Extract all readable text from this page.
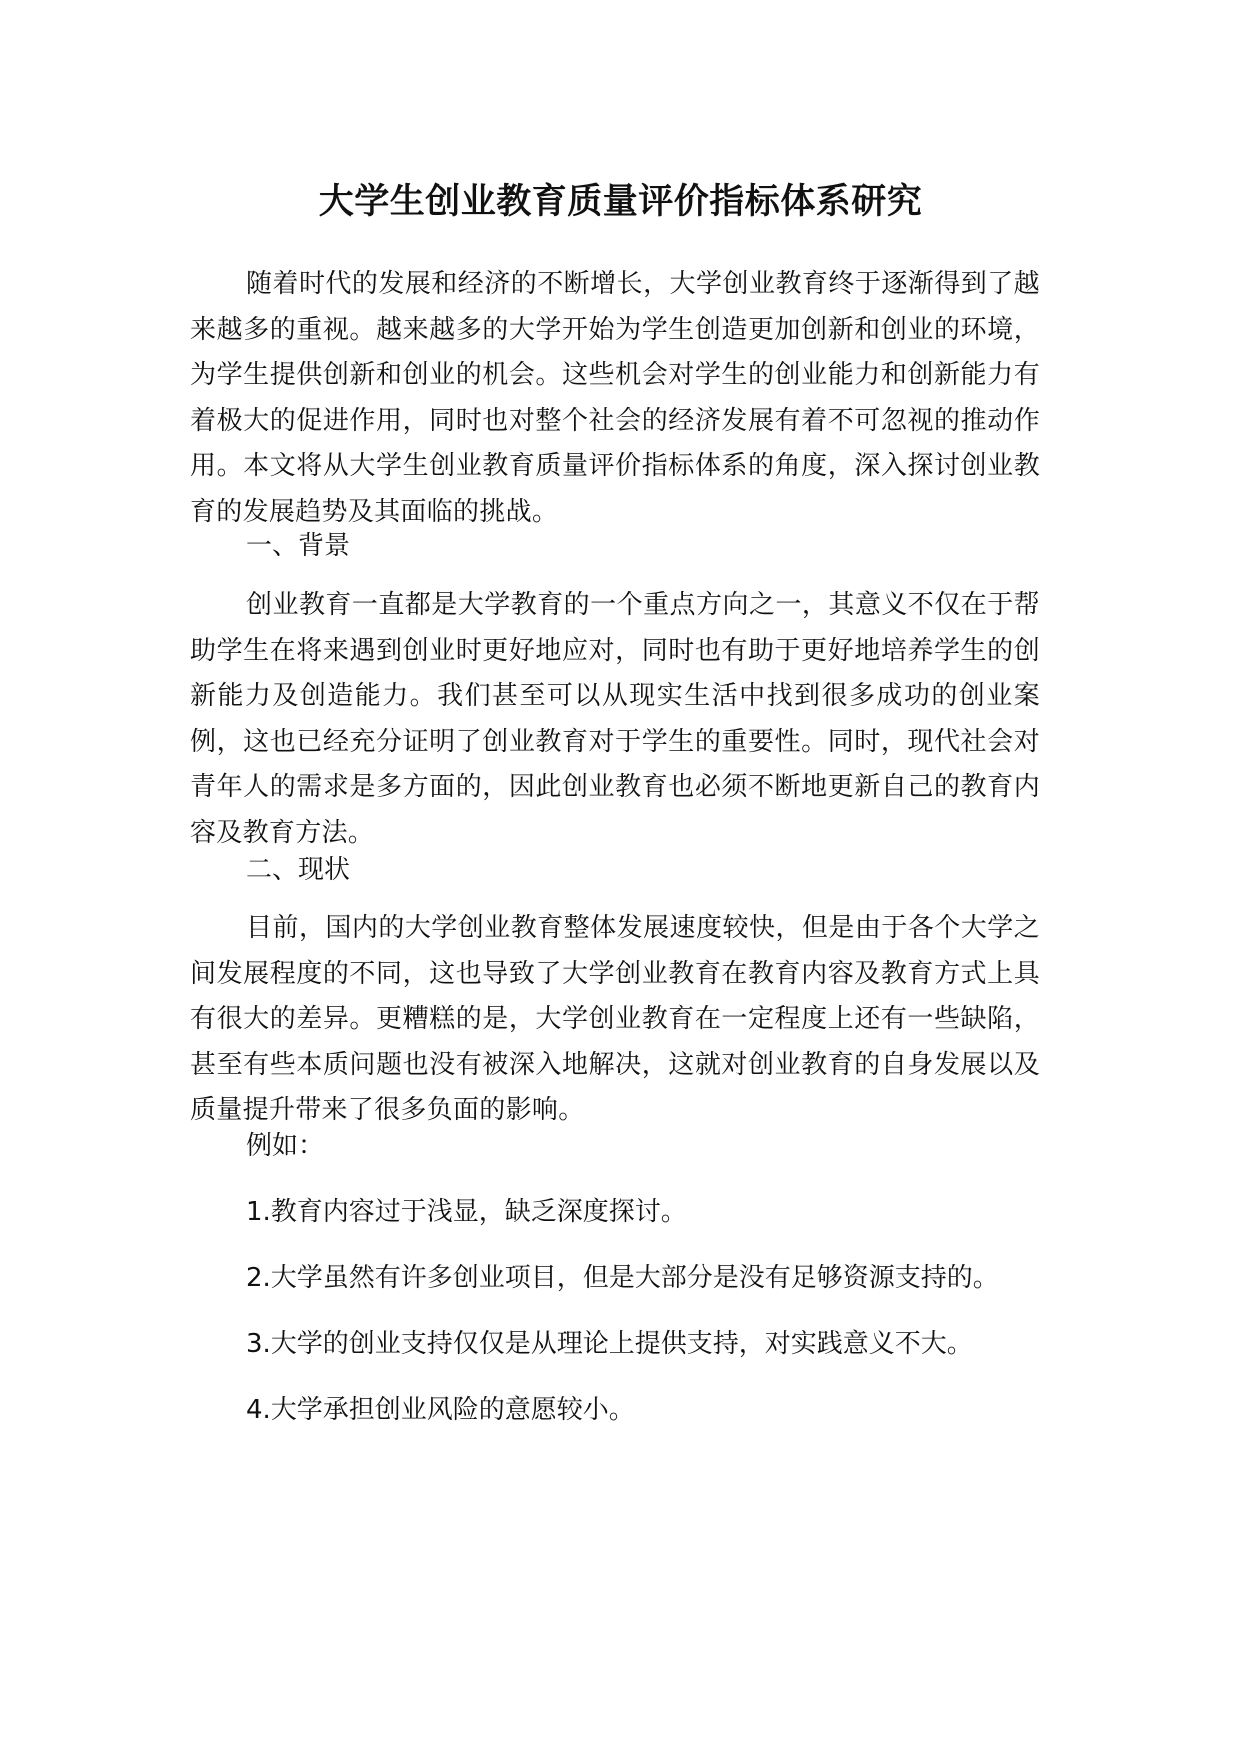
大学生创业教育质量评价指标体系研究

随着时代的发展和经济的不断增长，大学创业教育终于逐渐得到了越来越多的重视。越来越多的大学开始为学生创造更加创新和创业的环境，为学生提供创新和创业的机会。这些机会对学生的创业能力和创新能力有着极大的促进作用，同时也对整个社会的经济发展有着不可忽视的推动作用。本文将从大学生创业教育质量评价指标体系的角度，深入探讨创业教育的发展趋势及其面临的挑战。

一、背景

创业教育一直都是大学教育的一个重点方向之一，其意义不仅在于帮助学生在将来遇到创业时更好地应对，同时也有助于更好地培养学生的创新能力及创造能力。我们甚至可以从现实生活中找到很多成功的创业案例，这也已经充分证明了创业教育对于学生的重要性。同时，现代社会对青年人的需求是多方面的，因此创业教育也必须不断地更新自己的教育内容及教育方法。

二、现状

目前，国内的大学创业教育整体发展速度较快，但是由于各个大学之间发展程度的不同，这也导致了大学创业教育在教育内容及教育方式上具有很大的差异。更糟糕的是，大学创业教育在一定程度上还有一些缺陷，甚至有些本质问题也没有被深入地解决，这就对创业教育的自身发展以及质量提升带来了很多负面的影响。

例如：

1.教育内容过于浅显，缺乏深度探讨。

2.大学虽然有许多创业项目，但是大部分是没有足够资源支持的。

3.大学的创业支持仅仅是从理论上提供支持，对实践意义不大。

4.大学承担创业风险的意愿较小。
